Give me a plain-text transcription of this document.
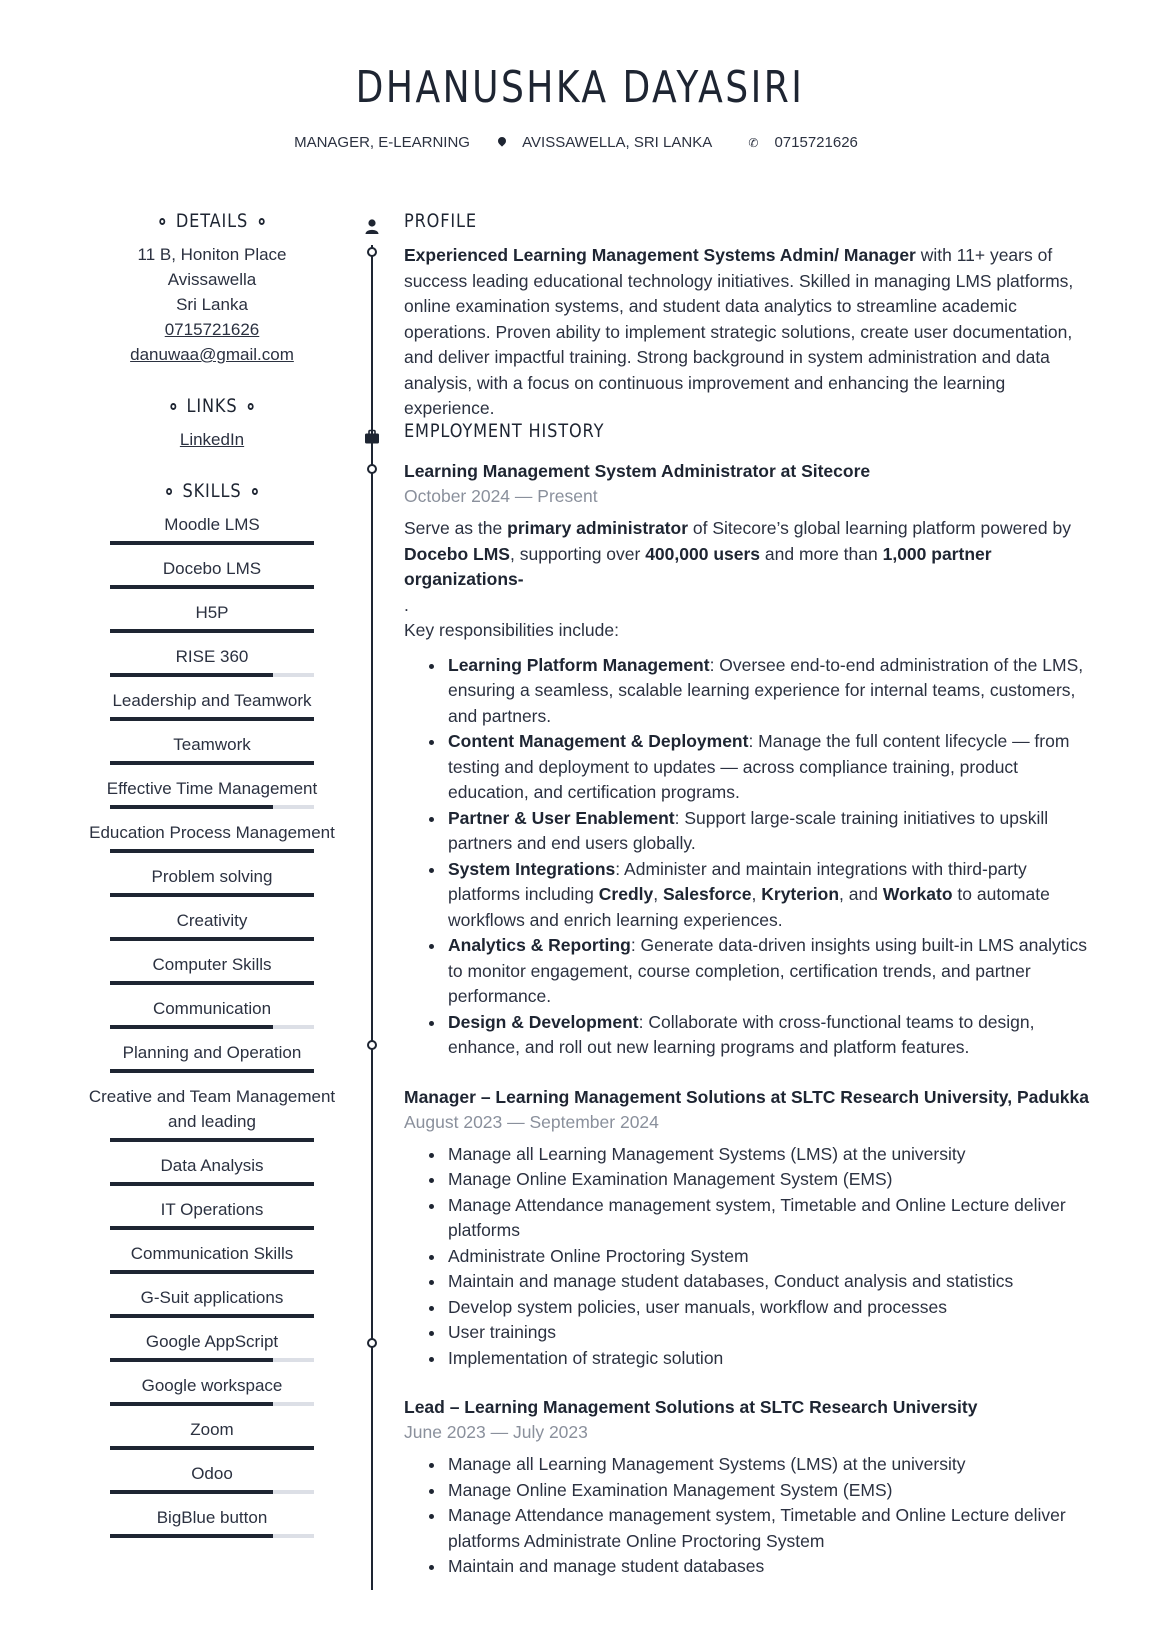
DHANUSHKA DAYASIRI
MANAGER, E-LEARNING	AVISSAWELLA, SRI LANKA	✆ 0715721626
DETAILS
11 B, Honiton Place
Avissawella
Sri Lanka
0715721626
danuwaa@gmail.com
LINKS
LinkedIn
SKILLS
Moodle LMS
Docebo LMS
H5P
RISE 360
Leadership and Teamwork
Teamwork
Effective Time Management
Education Process Management
Problem solving
Creativity
Computer Skills
Communication
Planning and Operation
Creative and Team Management and leading
Data Analysis
IT Operations
Communication Skills
G-Suit applications
Google AppScript
Google workspace
Zoom
Odoo
BigBlue button
PROFILE
Experienced Learning Management Systems Admin/ Manager with 11+ years of success leading educational technology initiatives. Skilled in managing LMS platforms, online examination systems, and student data analytics to streamline academic operations. Proven ability to implement strategic solutions, create user documentation, and deliver impactful training. Strong background in system administration and data analysis, with a focus on continuous improvement and enhancing the learning experience.
EMPLOYMENT HISTORY
Learning Management System Administrator at Sitecore
October 2024 — Present
Serve as the primary administrator of Sitecore’s global learning platform powered by Docebo LMS, supporting over 400,000 users and more than 1,000 partner organizations-
.
Key responsibilities include:
Learning Platform Management: Oversee end-to-end administration of the LMS, ensuring a seamless, scalable learning experience for internal teams, customers, and partners.
Content Management & Deployment: Manage the full content lifecycle — from testing and deployment to updates — across compliance training, product education, and certification programs.
Partner & User Enablement: Support large-scale training initiatives to upskill partners and end users globally.
System Integrations: Administer and maintain integrations with third-party platforms including Credly, Salesforce, Kryterion, and Workato to automate workflows and enrich learning experiences.
Analytics & Reporting: Generate data-driven insights using built-in LMS analytics to monitor engagement, course completion, certification trends, and partner performance.
Design & Development: Collaborate with cross-functional teams to design, enhance, and roll out new learning programs and platform features.
Manager – Learning Management Solutions at SLTC Research University, Padukka
August 2023 — September 2024
Manage all Learning Management Systems (LMS) at the university
Manage Online Examination Management System (EMS)
Manage Attendance management system, Timetable and Online Lecture deliver platforms
Administrate Online Proctoring System
Maintain and manage student databases, Conduct analysis and statistics
Develop system policies, user manuals, workflow and processes
User trainings
Implementation of strategic solution
Lead – Learning Management Solutions at SLTC Research University
June 2023 — July 2023
Manage all Learning Management Systems (LMS) at the university
Manage Online Examination Management System (EMS)
Manage Attendance management system, Timetable and Online Lecture deliver platforms Administrate Online Proctoring System
Maintain and manage student databases
